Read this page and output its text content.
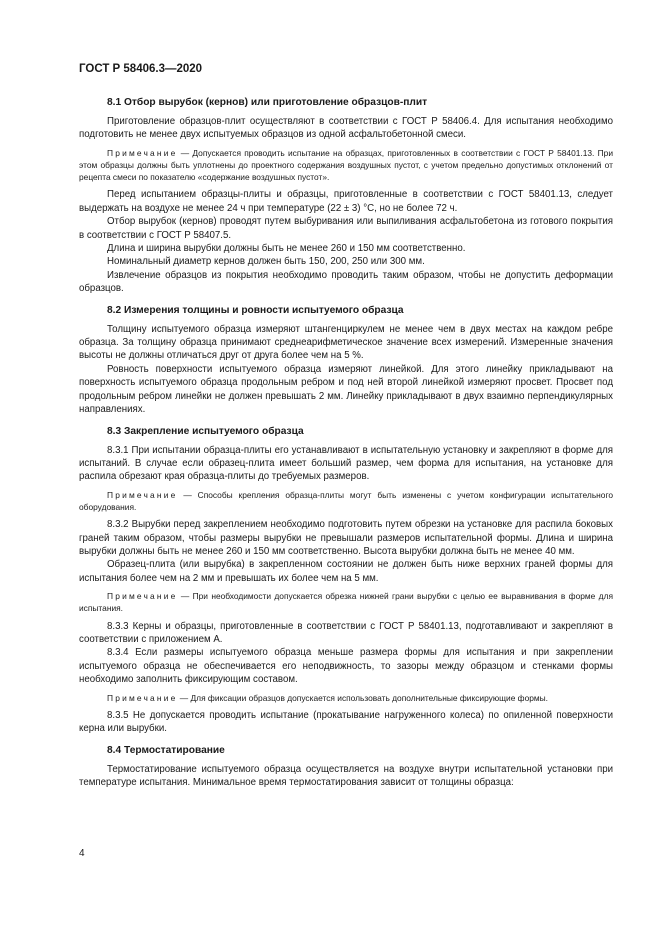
ГОСТ Р 58406.3—2020

8.1 Отбор вырубок (кернов) или приготовление образцов-плит

Приготовление образцов-плит осуществляют в соответствии с ГОСТ Р 58406.4. Для испытания необходимо подготовить не менее двух испытуемых образцов из одной асфальтобетонной смеси.

Примечание — Допускается проводить испытание на образцах, приготовленных в соответствии с ГОСТ Р 58401.13. При этом образцы должны быть уплотнены до проектного содержания воздушных пустот, с учетом предельно допустимых отклонений от рецепта смеси по показателю «содержание воздушных пустот».

Перед испытанием образцы-плиты и образцы, приготовленные в соответствии с ГОСТ 58401.13, следует выдержать на воздухе не менее 24 ч при температуре (22 ± 3) °С, но не более 72 ч.

Отбор вырубок (кернов) проводят путем выбуривания или выпиливания асфальтобетона из готового покрытия в соответствии с ГОСТ Р 58407.5.

Длина и ширина вырубки должны быть не менее 260 и 150 мм соответственно.

Номинальный диаметр кернов должен быть 150, 200, 250 или 300 мм.

Извлечение образцов из покрытия необходимо проводить таким образом, чтобы не допустить деформации образцов.

8.2 Измерения толщины и ровности испытуемого образца

Толщину испытуемого образца измеряют штангенциркулем не менее чем в двух местах на каждом ребре образца. За толщину образца принимают среднеарифметическое значение всех измерений. Измеренные значения высоты не должны отличаться друг от друга более чем на 5 %.

Ровность поверхности испытуемого образца измеряют линейкой. Для этого линейку прикладывают на поверхность испытуемого образца продольным ребром и под ней второй линейкой измеряют просвет. Просвет под продольным ребром линейки не должен превышать 2 мм. Линейку прикладывают в двух взаимно перпендикулярных направлениях.

8.3 Закрепление испытуемого образца

8.3.1 При испытании образца-плиты его устанавливают в испытательную установку и закрепляют в форме для испытаний. В случае если образец-плита имеет больший размер, чем форма для испытания, на установке для распила обрезают края образца-плиты до требуемых размеров.

Примечание — Способы крепления образца-плиты могут быть изменены с учетом конфигурации испытательного оборудования.

8.3.2 Вырубки перед закреплением необходимо подготовить путем обрезки на установке для распила боковых граней таким образом, чтобы размеры вырубки не превышали размеров испытательной формы. Длина и ширина вырубки должны быть не менее 260 и 150 мм соответственно. Высота вырубки должна быть не менее 40 мм.

Образец-плита (или вырубка) в закрепленном состоянии не должен быть ниже верхних граней формы для испытания более чем на 2 мм и превышать их более чем на 5 мм.

Примечание — При необходимости допускается обрезка нижней грани вырубки с целью ее выравнивания в форме для испытания.

8.3.3 Керны и образцы, приготовленные в соответствии с ГОСТ Р 58401.13, подготавливают и закрепляют в соответствии с приложением А.

8.3.4 Если размеры испытуемого образца меньше размера формы для испытания и при закреплении испытуемого образца не обеспечивается его неподвижность, то зазоры между образцом и стенками формы необходимо заполнить фиксирующим составом.

Примечание — Для фиксации образцов допускается использовать дополнительные фиксирующие формы.

8.3.5 Не допускается проводить испытание (прокатывание нагруженного колеса) по опиленной поверхности керна или вырубки.

8.4 Термостатирование

Термостатирование испытуемого образца осуществляется на воздухе внутри испытательной установки при температуре испытания. Минимальное время термостатирования зависит от толщины образца:

4
